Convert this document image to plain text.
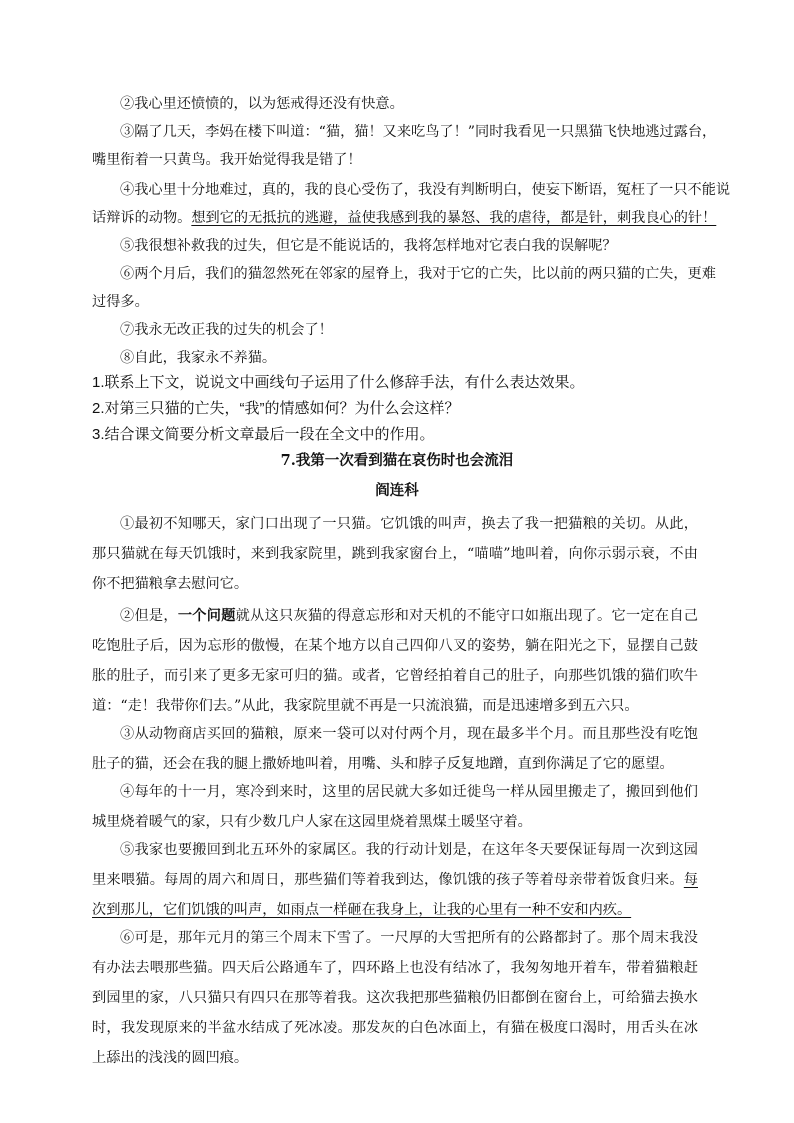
②我心里还愤愤的，以为惩戒得还没有快意。
③隔了几天，李妈在楼下叫道：“猫，猫！又来吃鸟了！”同时我看见一只黑猫飞快地逃过露台，
嘴里衔着一只黄鸟。我开始觉得我是错了！
④我心里十分地难过，真的，我的良心受伤了，我没有判断明白，使妄下断语，冤枉了一只不能说
话辩诉的动物。想到它的无抵抗的逃避，益使我感到我的暴怒、我的虐待，都是针，刺我良心的针！
⑤我很想补救我的过失，但它是不能说话的，我将怎样地对它表白我的误解呢？
⑥两个月后，我们的猫忽然死在邻家的屋脊上，我对于它的亡失，比以前的两只猫的亡失，更难
过得多。
⑦我永无改正我的过失的机会了！
⑧自此，我家永不养猫。
1.联系上下文，说说文中画线句子运用了什么修辞手法，有什么表达效果。
2.对第三只猫的亡失，“我”的情感如何？为什么会这样？
3.结合课文简要分析文章最后一段在全文中的作用。
7.我第一次看到猫在哀伤时也会流泪
阎连科
①最初不知哪天，家门口出现了一只猫。它饥饿的叫声，换去了我一把猫粮的关切。从此，那只猫就在每天饥饿时，来到我家院里，跳到我家窗台上，“喵喵”地叫着，向你示弱示衰，不由你不把猫粮拿去慰问它。
②但是，一个问题就从这只灰猫的得意忘形和对天机的不能守口如瓶出现了。它一定在自己吃饱肚子后，因为忘形的傲慢，在某个地方以自己四仰八叉的姿势，躺在阳光之下，显摆自己鼓胀的肚子，而引来了更多无家可归的猫。或者，它曾经拍着自己的肚子，向那些饥饿的猫们吹牛道：“走！我带你们去。”从此，我家院里就不再是一只流浪猫，而是迅速增多到五六只。
③从动物商店买回的猫粮，原来一袋可以对付两个月，现在最多半个月。而且那些没有吃饱肚子的猫，还会在我的腿上撒娇地叫着，用嘴、头和脖子反复地蹭，直到你满足了它的愿望。
④每年的十一月，寒冷到来时，这里的居民就大多如迁徙鸟一样从园里搬走了，搬回到他们城里烧着暖气的家，只有少数几户人家在这园里烧着黑煤土暖坚守着。
⑤我家也要搬回到北五环外的家属区。我的行动计划是，在这年冬天要保证每周一次到这园里来喂猫。每周的周六和周日，那些猫们等着我到达，像饥饿的孩子等着母亲带着饭食归来。每次到那儿，它们饥饿的叫声，如雨点一样砸在我身上，让我的心里有一种不安和内疚。
⑥可是，那年元月的第三个周末下雪了。一尺厚的大雪把所有的公路都封了。那个周末我没有办法去喂那些猫。四天后公路通车了，四环路上也没有结冰了，我匆匆地开着车，带着猫粮赶到园里的家，八只猫只有四只在那等着我。这次我把那些猫粮仍旧都倒在窗台上，可给猫去换水时，我发现原来的半盆水结成了死冰凌。那发灰的白色冰面上，有猫在极度口渴时，用舌头在冰上舔出的浅浅的圆凹痕。
